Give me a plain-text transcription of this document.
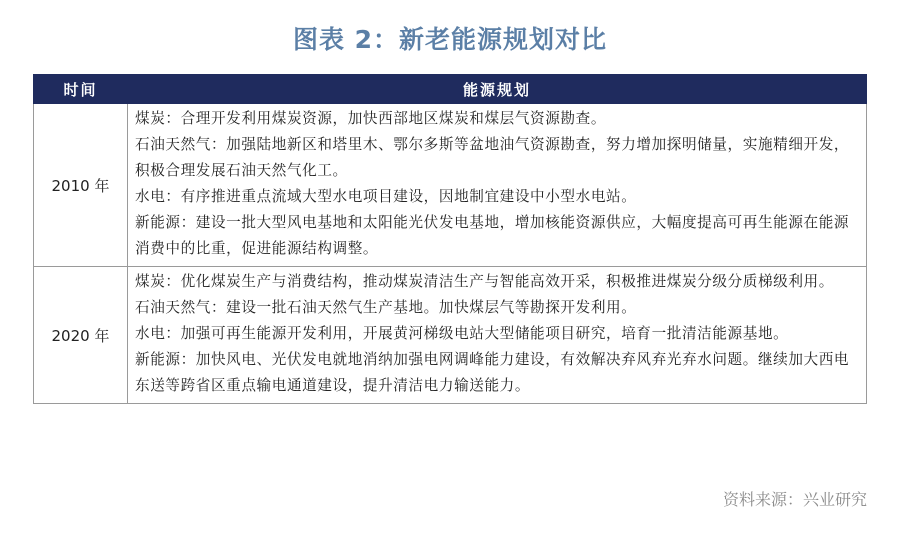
图表 2：新老能源规划对比
时间	能源规划
2010 年	煤炭：合理开发利用煤炭资源，加快西部地区煤炭和煤层气资源勘查。

石油天然气：加强陆地新区和塔里木、鄂尔多斯等盆地油气资源勘查，努力增加探明储量，实施精细开发，积极合理发展石油天然气化工。

水电：有序推进重点流域大型水电项目建设，因地制宜建设中小型水电站。

新能源：建设一批大型风电基地和太阳能光伏发电基地，增加核能资源供应，大幅度提高可再生能源在能源消费中的比重，促进能源结构调整。

2020 年	煤炭：优化煤炭生产与消费结构，推动煤炭清洁生产与智能高效开采，积极推进煤炭分级分质梯级利用。

石油天然气：建设一批石油天然气生产基地。加快煤层气等勘探开发利用。

水电：加强可再生能源开发利用，开展黄河梯级电站大型储能项目研究，培育一批清洁能源基地。

新能源：加快风电、光伏发电就地消纳加强电网调峰能力建设，有效解决弃风弃光弃水问题。继续加大西电东送等跨省区重点输电通道建设，提升清洁电力输送能力。

资料来源：兴业研究
